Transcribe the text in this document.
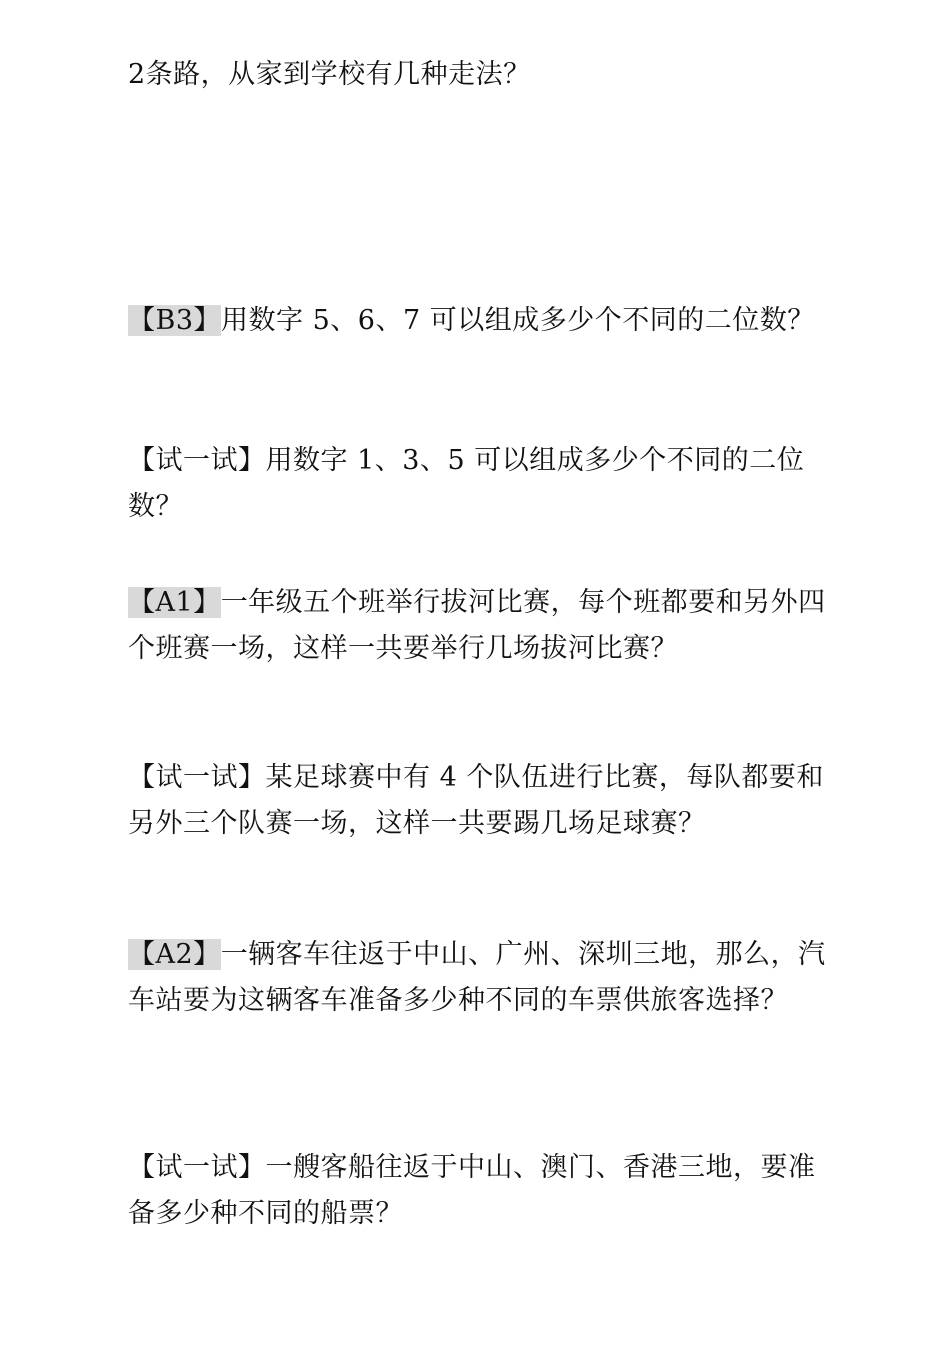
2条路，从家到学校有几种走法？
【B3】用数字 5、6、7 可以组成多少个不同的二位数？
【试一试】用数字 1、3、5 可以组成多少个不同的二位数？
【A1】一年级五个班举行拔河比赛，每个班都要和另外四
个班赛一场，这样一共要举行几场拔河比赛？
【试一试】某足球赛中有 4 个队伍进行比赛，每队都要和
另外三个队赛一场，这样一共要踢几场足球赛？
【A2】一辆客车往返于中山、广州、深圳三地，那么，汽
车站要为这辆客车准备多少种不同的车票供旅客选择？
【试一试】一艘客船往返于中山、澳门、香港三地，要准
备多少种不同的船票？
